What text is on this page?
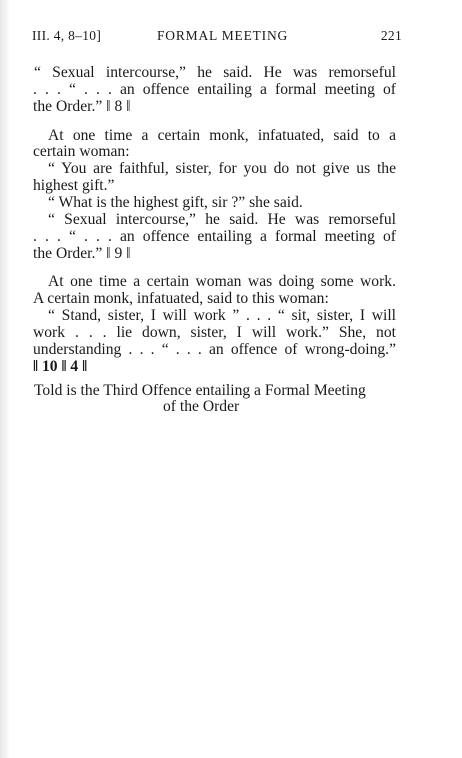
III. 4, 8–10]	FORMAL MEETING	221
“ Sexual intercourse,” he said. He was remorseful
. . . “ . . . an offence entailing a formal meeting of
the Order.” ‖ 8 ‖
At one time a certain monk, infatuated, said to a
certain woman:
“ You are faithful, sister, for you do not give us the
highest gift.”
“ What is the highest gift, sir ?” she said.
“ Sexual intercourse,” he said. He was remorseful
. . . “ . . . an offence entailing a formal meeting of
the Order.” ‖ 9 ‖
At one time a certain woman was doing some work.
A certain monk, infatuated, said to this woman:
“ Stand, sister, I will work ” . . . “ sit, sister, I will
work . . . lie down, sister, I will work.” She, not
understanding . . . “ . . . an offence of wrong-doing.”
‖ 10 ‖ 4 ‖
Told is the Third Offence entailing a Formal Meeting
of the Order
